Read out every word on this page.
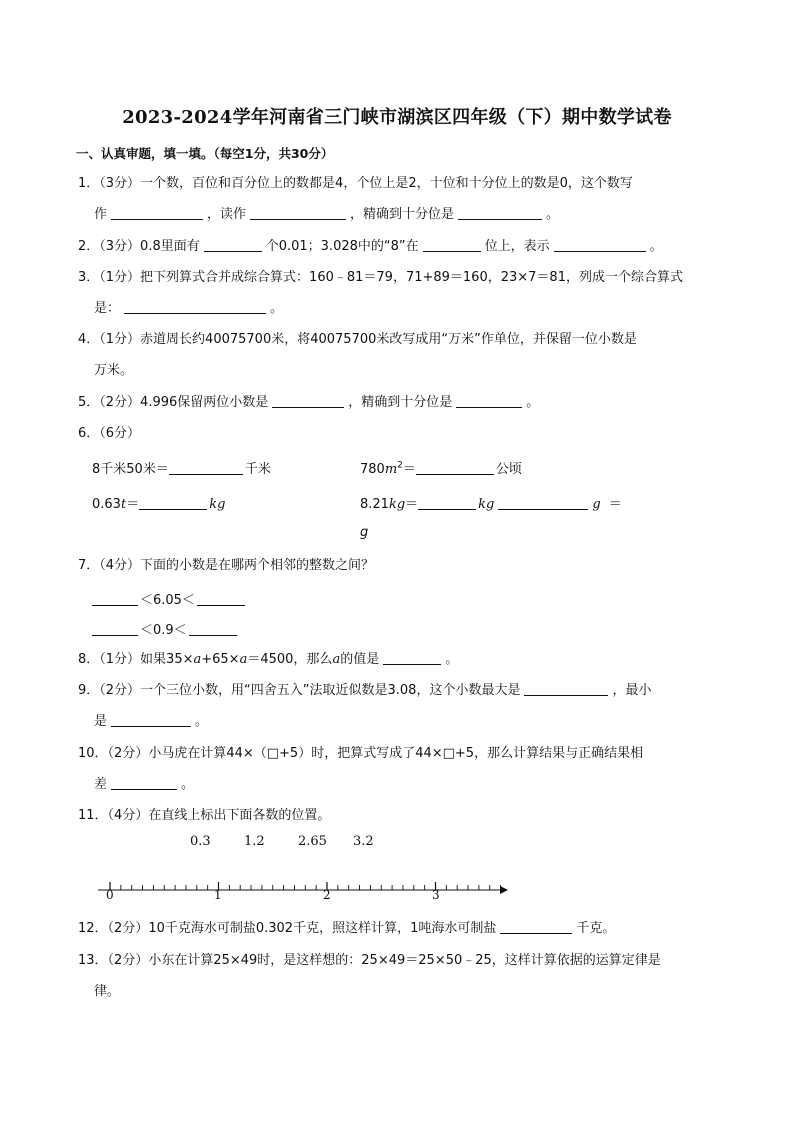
2023-2024学年河南省三门峡市湖滨区四年级（下）期中数学试卷
一、认真审题，填一填。（每空1分，共30分）
1．（3分）一个数，百位和百分位上的数都是4，个位上是2，十位和十分位上的数是0，这个数写
作	，读作	，精确到十分位是	。
2．（3分）0.8里面有	个0.01；3.028中的“8”在	位上，表示	。
3．（1分）把下列算式合并成综合算式：160﹣81＝79，71+89＝160，23×7＝81，列成一个综合算式
是：	。
4．（1分）赤道周长约40075700米，将40075700米改写成用“万米”作单位，并保留一位小数是
万米。
5．（2分）4.996保留两位小数是	，精确到十分位是	。
6．（6分）
8千米50米＝	千米	$780m^2=$	公顷
0.63t＝	kg	8.21kg＝	kg	g ＝
g
7．（4分）下面的小数是在哪两个相邻的整数之间？
＜6.05＜
＜0.9＜
8．（1分）如果35×a+65×a＝4500，那么a的值是	。
9．（2分）一个三位小数，用“四舍五入”法取近似数是3.08，这个小数最大是	，最小
是	。
10．（2分）小马虎在计算44×（□+5）时，把算式写成了44×□+5，那么计算结果与正确结果相
差	。
11．（4分）在直线上标出下面各数的位置。
0.3	1.2	2.65 3.2
0	1	2	3
12．（2分）10千克海水可制盐0.302千克，照这样计算，1吨海水可制盐	千克。
13．（2分）小东在计算25×49时，是这样想的：25×49＝25×50﹣25，这样计算依据的运算定律是
律。
